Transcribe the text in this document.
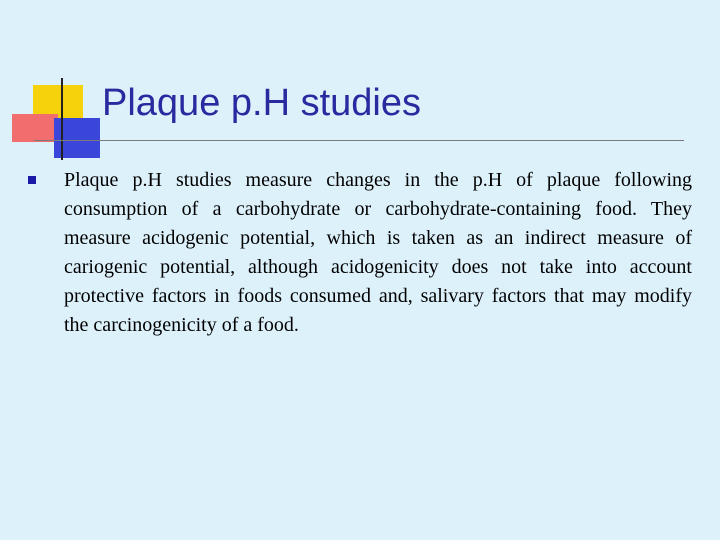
Plaque p.H studies

Plaque p.H studies measure changes in the p.H of plaque following consumption of a carbohydrate or carbohydrate-containing food. They measure acidogenic potential, which is taken as an indirect measure of cariogenic potential, although acidogenicity does not take into account protective factors in foods consumed and, salivary factors that may modify the carcinogenicity of a food.
